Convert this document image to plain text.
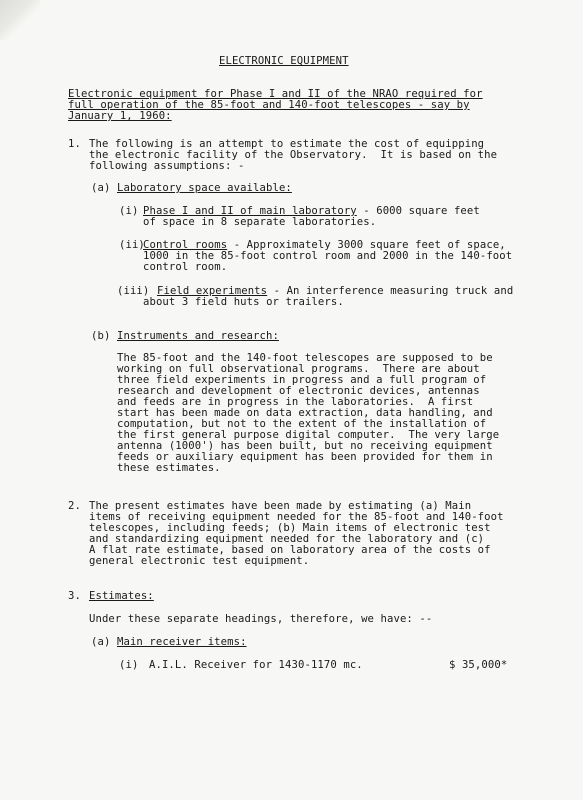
ELECTRONIC EQUIPMENT
Electronic equipment for Phase I and II of the NRAO required for
full operation of the 85-foot and 140-foot telescopes - say by
January 1, 1960:
1. The following is an attempt to estimate the cost of equipping
the electronic facility of the Observatory.  It is based on the
following assumptions: -
(a) Laboratory space available:
(i) Phase I and II of main laboratory - 6000 square feet
of space in 8 separate laboratories.
(ii)
Control rooms - Approximately 3000 square feet of space,
1000 in the 85-foot control room and 2000 in the 140-foot
control room.
(iii) Field experiments - An interference measuring truck and
about 3 field huts or trailers.
(b) Instruments and research:
The 85-foot and the 140-foot telescopes are supposed to be
working on full observational programs.  There are about
three field experiments in progress and a full program of
research and development of electronic devices, antennas
and feeds are in progress in the laboratories.  A first
start has been made on data extraction, data handling, and
computation, but not to the extent of the installation of
the first general purpose digital computer.  The very large
antenna (1000') has been built, but no receiving equipment
feeds or auxiliary equipment has been provided for them in
these estimates.
2. The present estimates have been made by estimating (a) Main
items of receiving equipment needed for the 85-foot and 140-foot
telescopes, including feeds; (b) Main items of electronic test
and standardizing equipment needed for the laboratory and (c)
A flat rate estimate, based on laboratory area of the costs of
general electronic test equipment.
3. Estimates:
Under these separate headings, therefore, we have: --
(a) Main receiver items:
(i) A.I.L. Receiver for 1430-1170 mc.	$ 35,000*
